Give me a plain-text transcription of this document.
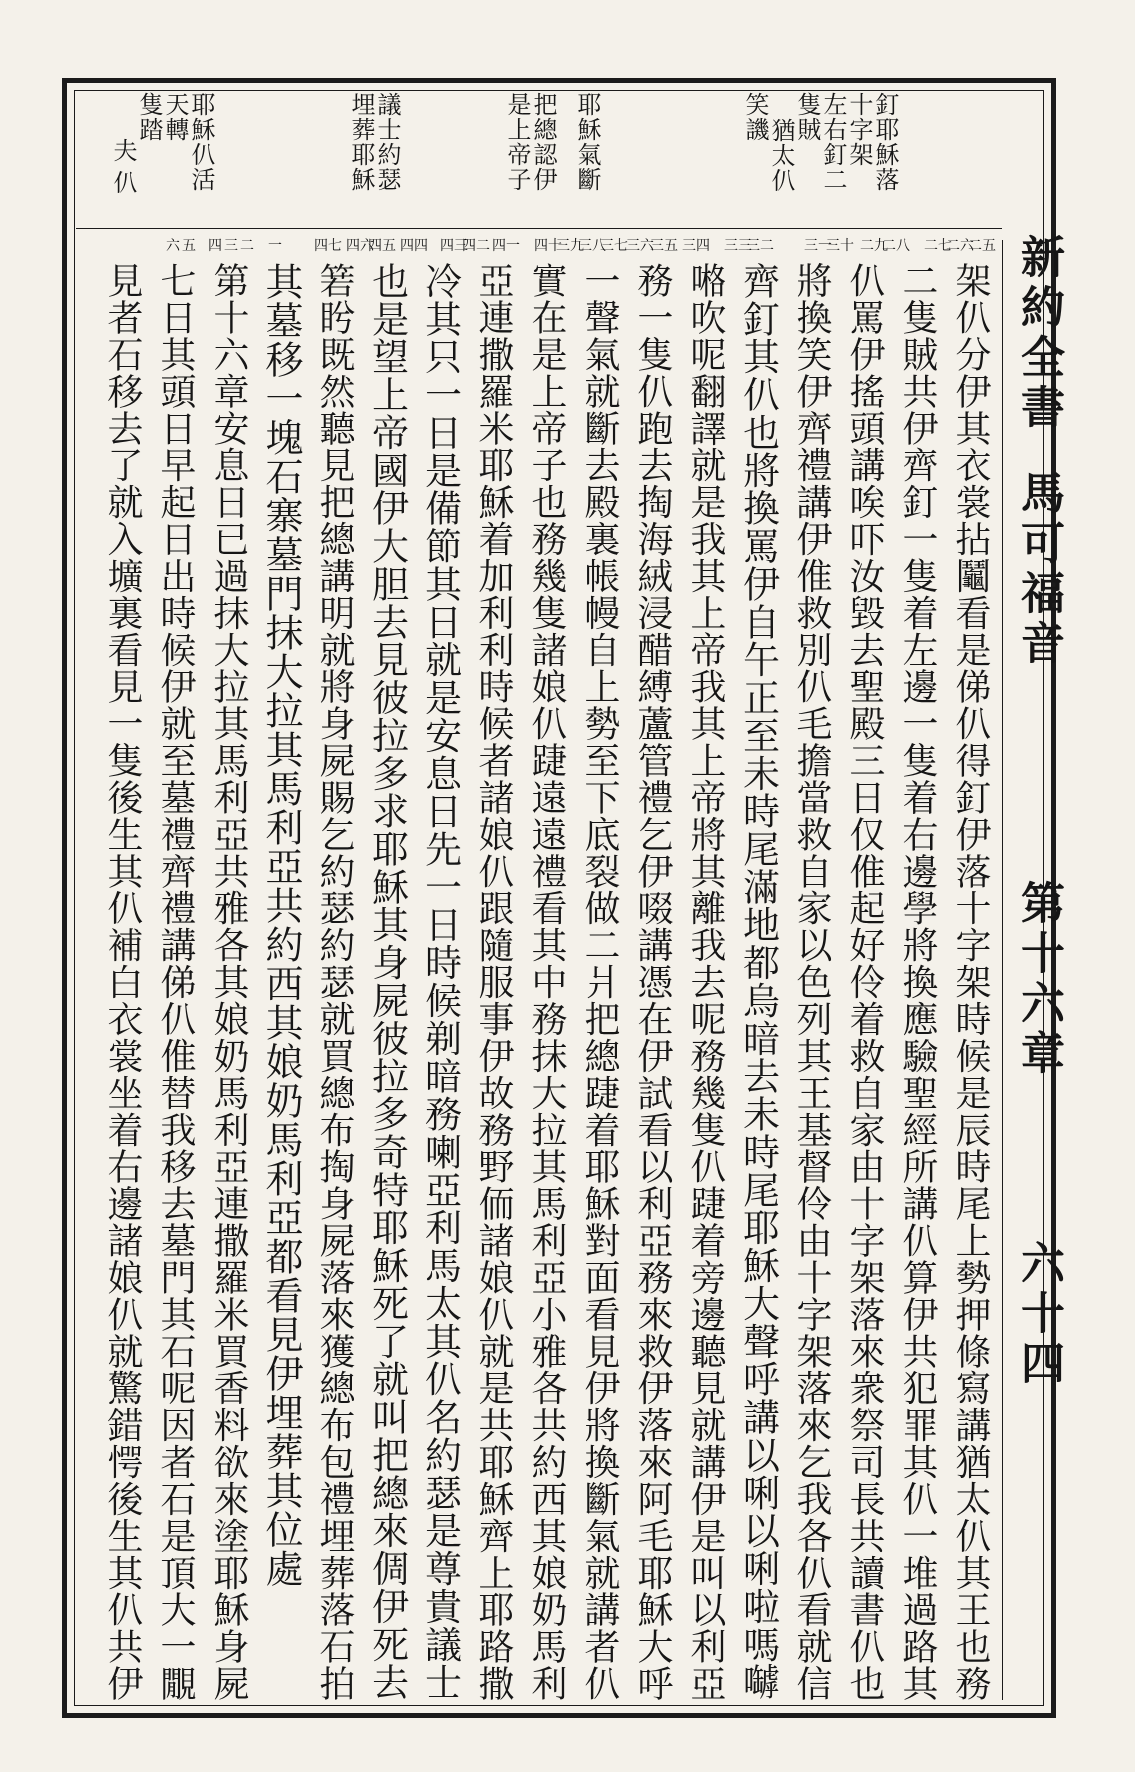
新約全書
馬可福音
第十六章
六十四
釘耶穌落
十字架
左右釘二
隻賊
猶太仈
笑譏
耶穌氣斷
把總認伊
是上帝子
議士約瑟
埋葬耶穌
耶穌仈活
天轉
隻踏
夫
仈
二五
二六
二七
二八
二九
三十
三一
三二
三三
三四
三五
三六
三七
三八
三九
四十
四一
四二
四三
四四
四五
四六
四七
一
二
三
四
五
六
架仈分伊其衣裳拈鬮看是俤仈得釘伊落十字架時候是辰時尾上勢押條寫講猶太仈其王也務
二隻賊共伊齊釘一隻着左邊一隻着右邊學將換應驗聖經所講仈算伊共犯罪其仈一堆過路其
仈罵伊搖頭講唉吓汝毀去聖殿三日仅倠起好伶着救自家由十字架落來衆祭司長共讀書仈也
將換笑伊齊禮講伊倠救別仈毛擔當救自家以色列其王基督伶由十字架落來乞我各仈看就信
齊釘其仈也將換罵伊自午正至未時尾滿地都烏暗去未時尾耶穌大聲呼講以唎以唎啦嗎嚹
𠺝吹呢翻譯就是我其上帝我其上帝將其離我去呢務幾隻仈踕着旁邊聽見就講伊是叫以利亞
務一隻仈跑去掏海絨浸醋縛蘆管禮乞伊啜講憑在伊試看以利亞務來救伊落來阿毛耶穌大呼
一聲氣就斷去殿裏帳幔自上勢至下底裂做二爿把總踕着耶穌對面看見伊將換斷氣就講者仈
實在是上帝子也務幾隻諸娘仈踕遠遠禮看其中務抹大拉其馬利亞小雅各共約西其娘奶馬利
亞連撒羅米耶穌着加利利時候者諸娘仈跟隨服事伊故務野侕諸娘仈就是共耶穌齊上耶路撒
冷其只一日是備節其日就是安息日先一日時候剃暗務喇亞利馬太其仈名約瑟是尊貴議士
也是望上帝國伊大胆去見彼拉多求耶穌其身屍彼拉多奇特耶穌死了就叫把總來倜伊死去
箬盻既然聽見把總講明就將身屍賜乞約瑟約瑟就買總布掏身屍落來獲總布包禮埋葬落石拍
其墓移一塊石寨墓門抹大拉其馬利亞共約西其娘奶馬利亞都看見伊埋葬其位處
第十六章安息日已過抹大拉其馬利亞共雅各其娘奶馬利亞連撒羅米買香料欲來塗耶穌身屍
七日其頭日早起日出時候伊就至墓禮齊禮講俤仈倠替我移去墓門其石呢因者石是頂大一覵
見者石移去了就入壙裏看見一隻後生其仈補白衣裳坐着右邊諸娘仈就驚錯愕後生其仈共伊
